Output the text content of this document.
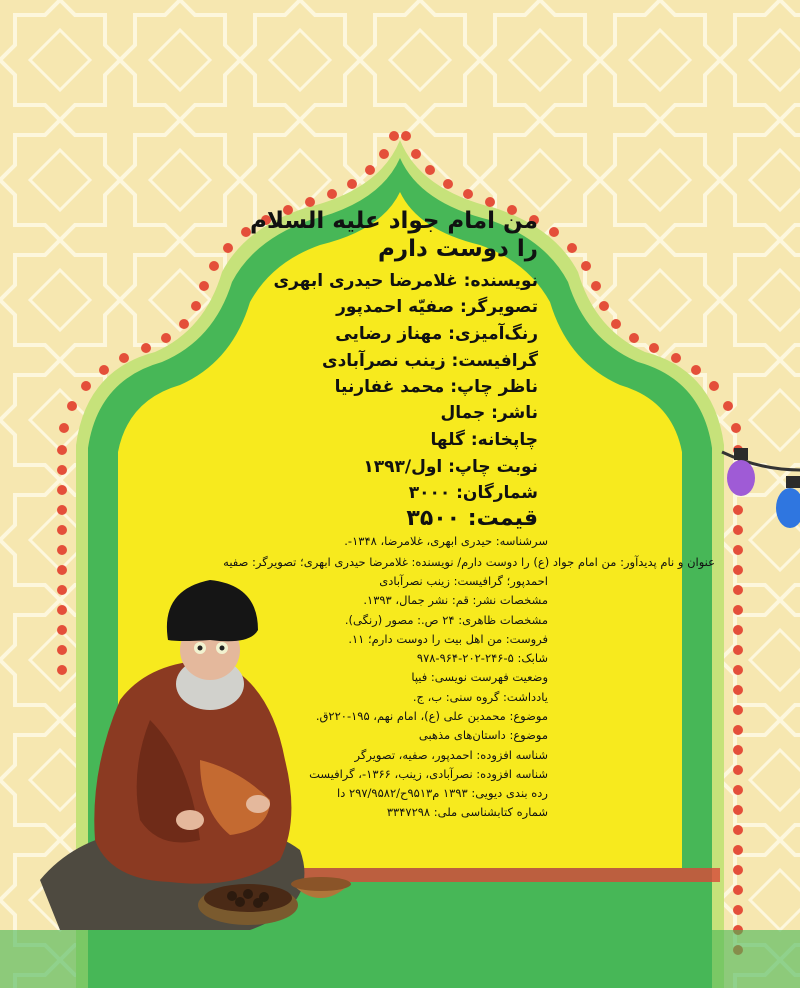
من امام جواد عليه السلام
را دوست دارم
نویسنده: غلامرضا حیدری ابهری
تصویرگر: صفیّه احمدپور
رنگ‌آمیزی: مهناز رضایی
گرافیست: زینب نصرآبادی
ناظر چاپ: محمد غفارنیا
ناشر: جمال
چاپخانه: گلها
نوبت چاپ: اول/۱۳۹۳
شمارگان: ۳۰۰۰
قیمت: ۳۵۰۰
سرشناسه: حیدری ابهری، غلامرضا، ۱۳۴۸-.
عنوان و نام پدیدآور: من امام جواد (ع) را دوست دارم/ نویسنده: غلامرضا حیدری ابهری؛ تصویرگر: صفیه
احمدپور؛ گرافیست: زینب نصرآبادی
مشخصات نشر: قم: نشر جمال، ۱۳۹۳.
مشخصات ظاهری: ۲۴ ص.: مصور (رنگی).
فروست: من اهل بیت را دوست دارم؛ ۱۱.
شابک: ۵-۲۴۶-۲۰۲-۹۶۴-۹۷۸
وضعیت فهرست نویسی: فیپا
یادداشت: گروه سنی: ب، ج.
موضوع: محمدبن علی (ع)، امام نهم، ۱۹۵-۲۲۰ق.
موضوع: داستان‌های مذهبی
شناسه افزوده: احمدپور، صفیه، تصویرگر
شناسه افزوده: نصرآبادی، زینب، ۱۳۶۶-، گرافیست
رده بندی دیویی: ۱۳۹۳ م۹۵۱۳ح/۲۹۷/۹۵۸۲ دا
شماره کتابشناسی ملی: ۳۳۴۷۲۹۸
